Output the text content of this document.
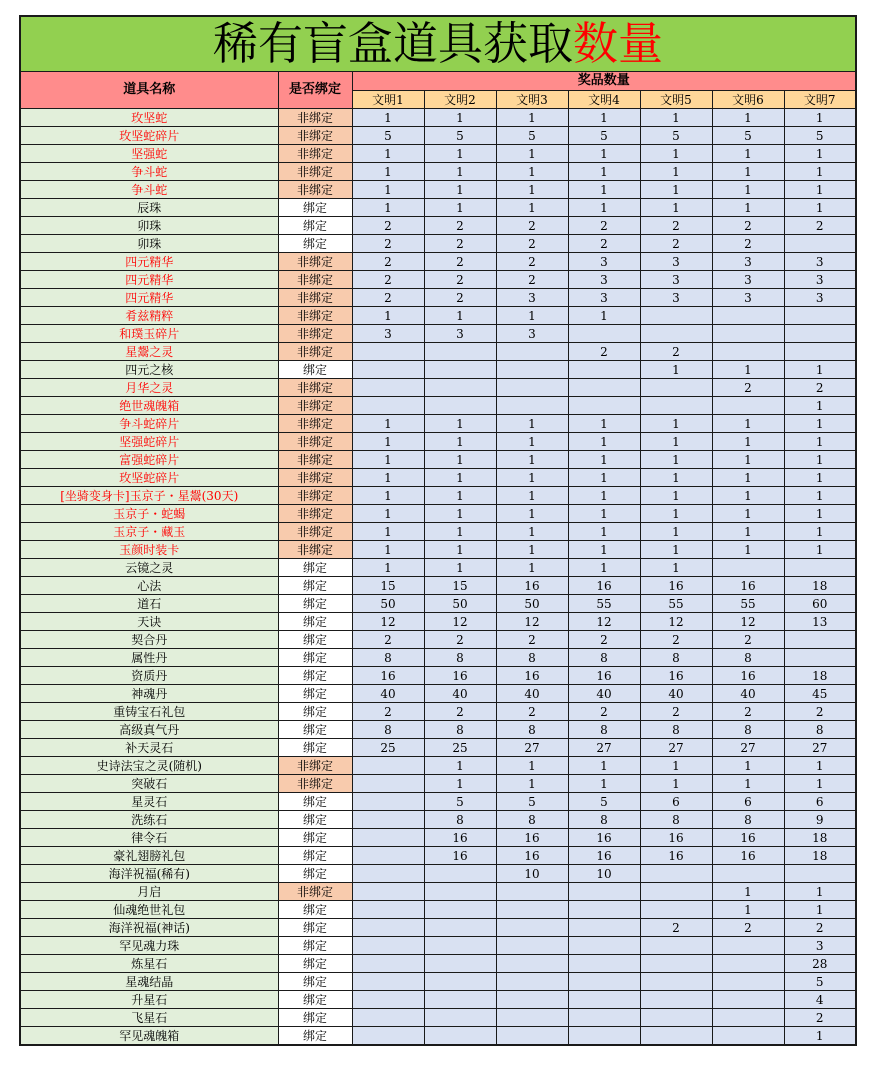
稀有盲盒道具获取数量								
道具名称	是否绑定	奖品数量						
		文明1	文明2	文明3	文明4	文明5	文明6	文明7
玫坚蛇	非绑定	1	1	1	1	1	1	1
玫坚蛇碎片	非绑定	5	5	5	5	5	5	5
坚强蛇	非绑定	1	1	1	1	1	1	1
争斗蛇	非绑定	1	1	1	1	1	1	1
争斗蛇	非绑定	1	1	1	1	1	1	1
辰珠	绑定	1	1	1	1	1	1	1
卯珠	绑定	2	2	2	2	2	2	2
卯珠	绑定	2	2	2	2	2	2	
四元精华	非绑定	2	2	2	3	3	3	3
四元精华	非绑定	2	2	2	3	3	3	3
四元精华	非绑定	2	2	3	3	3	3	3
肴兹精粹	非绑定	1	1	1	1			
和璞玉碎片	非绑定	3	3	3				
星鬶之灵	非绑定				2	2		
四元之核	绑定					1	1	1
月华之灵	非绑定						2	2
绝世魂魄箱	非绑定							1
争斗蛇碎片	非绑定	1	1	1	1	1	1	1
坚强蛇碎片	非绑定	1	1	1	1	1	1	1
富强蛇碎片	非绑定	1	1	1	1	1	1	1
玫坚蛇碎片	非绑定	1	1	1	1	1	1	1
[坐骑变身卡]玉京子・星鬶(30天)	非绑定	1	1	1	1	1	1	1
玉京子・蛇蝎	非绑定	1	1	1	1	1	1	1
玉京子・藏玉	非绑定	1	1	1	1	1	1	1
玉颜时装卡	非绑定	1	1	1	1	1	1	1
云镜之灵	绑定	1	1	1	1	1		
心法	绑定	15	15	16	16	16	16	18
道石	绑定	50	50	50	55	55	55	60
天诀	绑定	12	12	12	12	12	12	13
契合丹	绑定	2	2	2	2	2	2	
属性丹	绑定	8	8	8	8	8	8	
资质丹	绑定	16	16	16	16	16	16	18
神魂丹	绑定	40	40	40	40	40	40	45
重铸宝石礼包	绑定	2	2	2	2	2	2	2
高级真气丹	绑定	8	8	8	8	8	8	8
补天灵石	绑定	25	25	27	27	27	27	27
史诗法宝之灵(随机)	非绑定		1	1	1	1	1	1
突破石	非绑定		1	1	1	1	1	1
星灵石	绑定		5	5	5	6	6	6
洗练石	绑定		8	8	8	8	8	9
律令石	绑定		16	16	16	16	16	18
豪礼翅膀礼包	绑定		16	16	16	16	16	18
海洋祝福(稀有)	绑定			10	10			
月启	非绑定						1	1
仙魂绝世礼包	绑定						1	1
海洋祝福(神话)	绑定					2	2	2
罕见魂力珠	绑定							3
炼星石	绑定							28
星魂结晶	绑定							5
升星石	绑定							4
飞星石	绑定							2
罕见魂魄箱	绑定							1
